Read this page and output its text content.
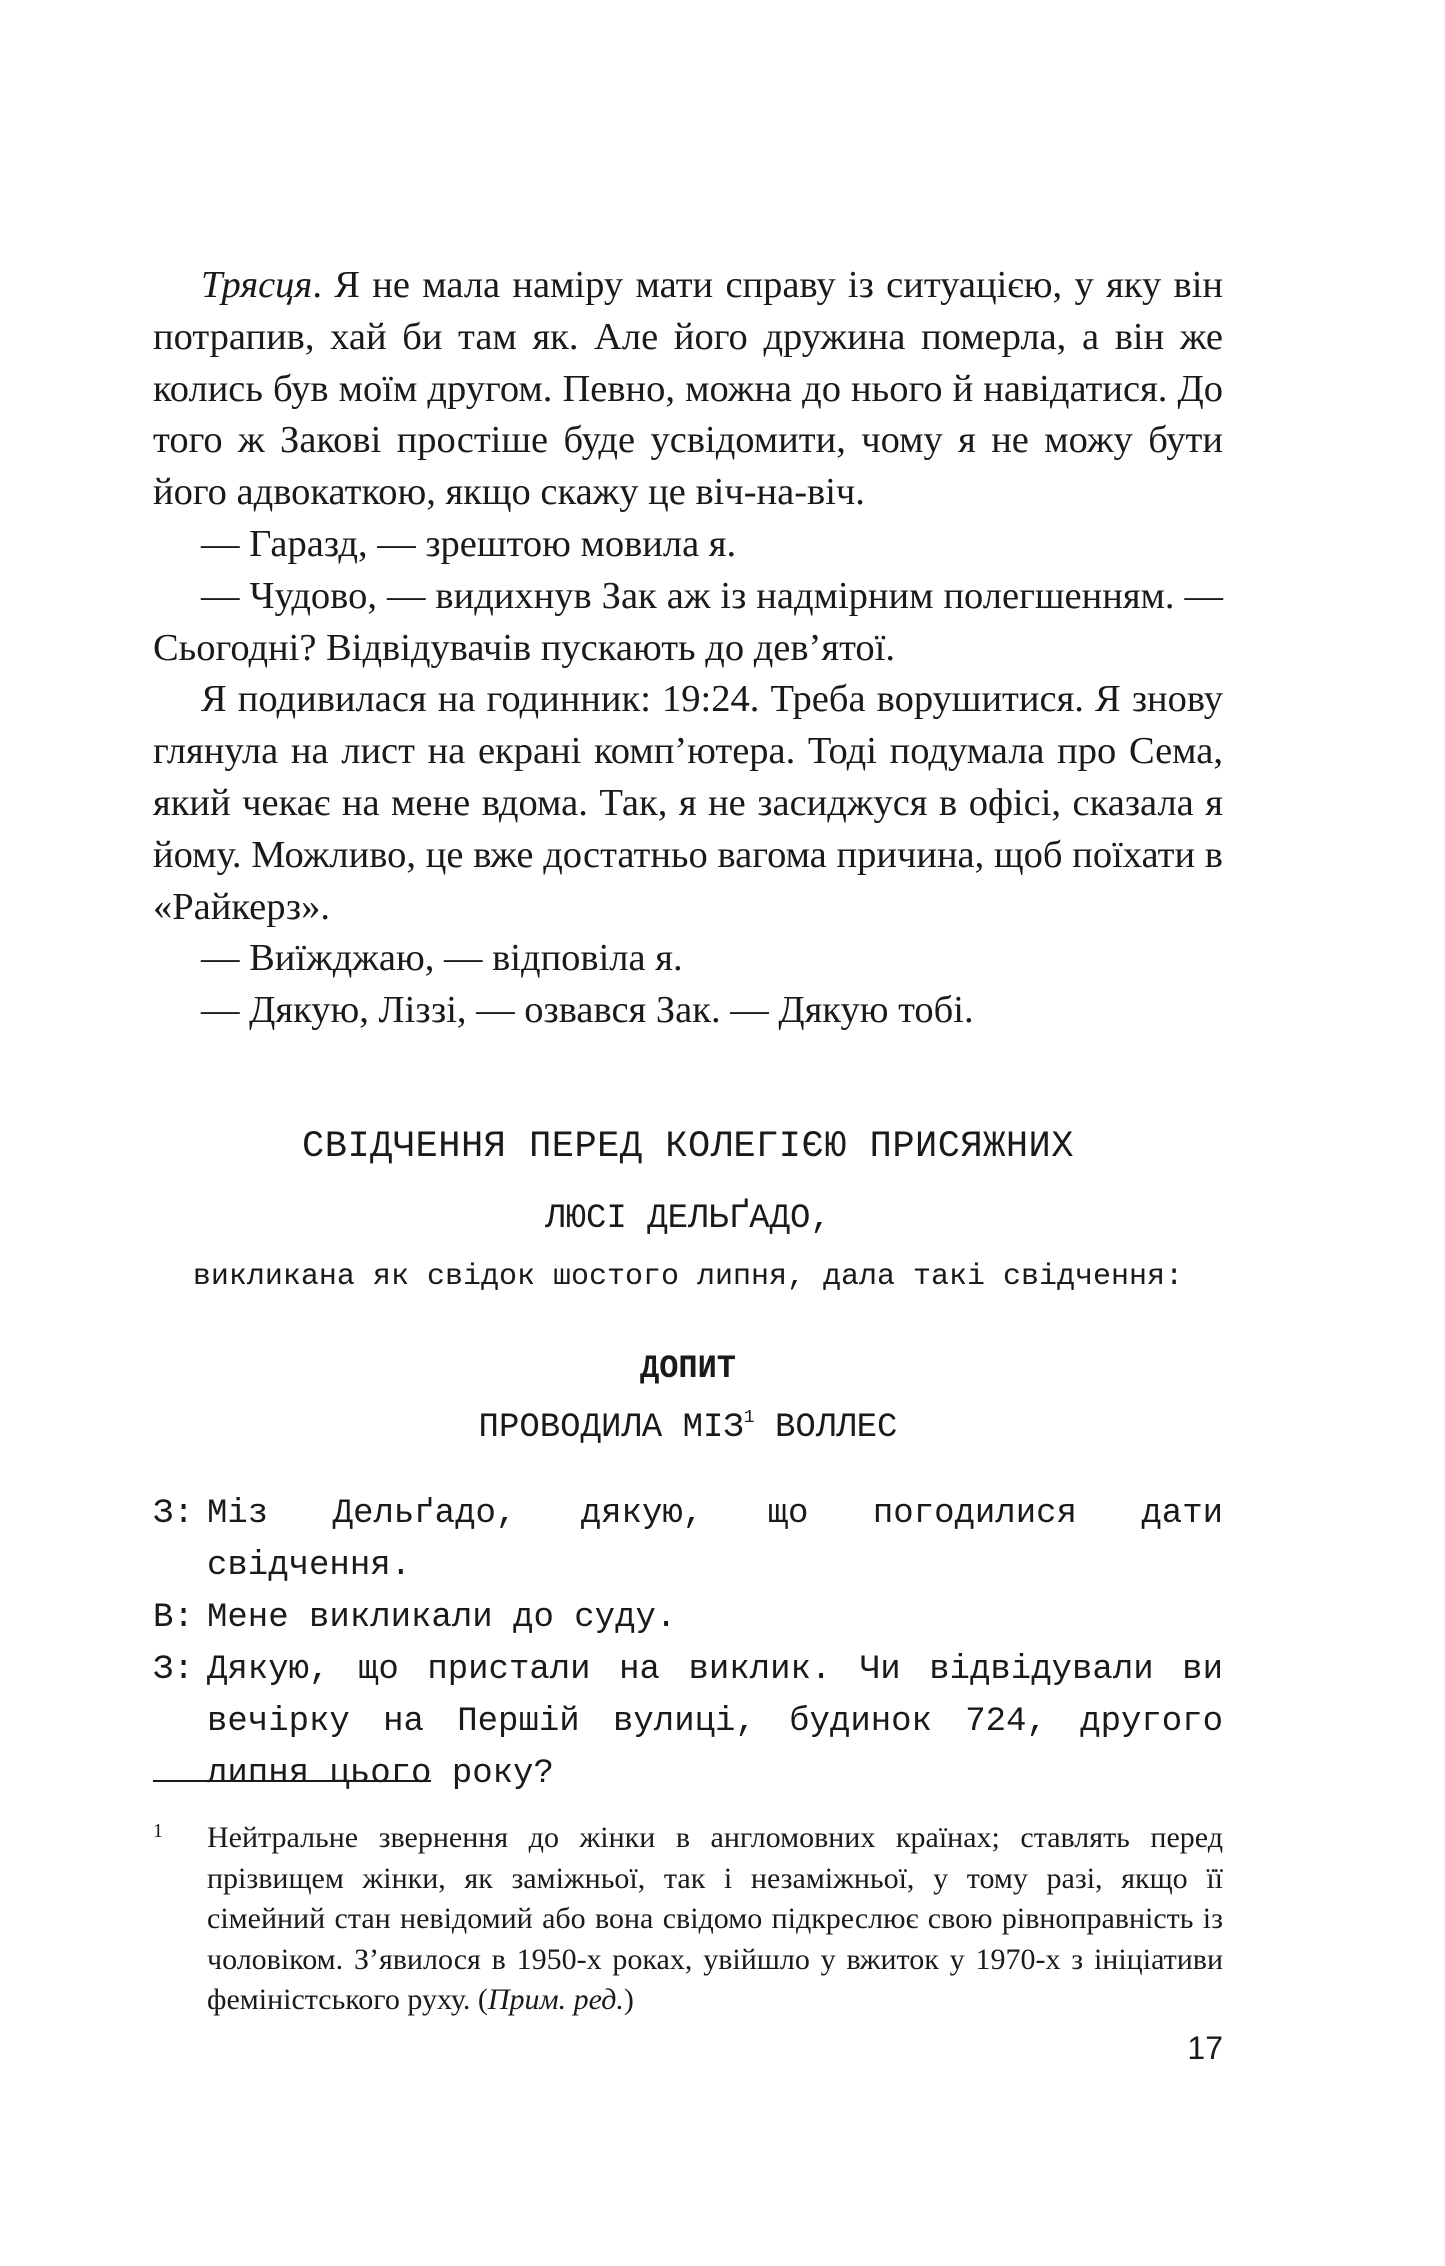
Трясця. Я не мала наміру мати справу із ситуацією, у яку він потрапив, хай би там як. Але його дружина померла, а він же колись був моїм другом. Певно, можна до нього й навідатися. До того ж Закові простіше буде усвідомити, чому я не можу бути його адвокаткою, якщо скажу це віч-на-віч.

— Гаразд, — зрештою мовила я.

— Чудово, — видихнув Зак аж із надмірним полегшенням. — Сьогодні? Відвідувачів пускають до дев’ятої.

Я подивилася на годинник: 19:24. Треба ворушитися. Я знову глянула на лист на екрані комп’ютера. Тоді подумала про Сема, який чекає на мене вдома. Так, я не засиджуся в офісі, сказала я йому. Можливо, це вже достатньо вагома причина, щоб поїхати в «Райкерз».

— Виїжджаю, — відповіла я.

— Дякую, Ліззі, — озвався Зак. — Дякую тобі.

СВІДЧЕННЯ ПЕРЕД КОЛЕГІЄЮ ПРИСЯЖНИХ

ЛЮСІ ДЕЛЬҐАДО,

викликана як свідок шостого липня, дала такі свідчення:

ДОПИТ

ПРОВОДИЛА МІЗ$^1$ ВОЛЛЕС

З: Міз Дельґадо, дякую, що погодилися дати свідчення.
В: Мене викликали до суду.
З: Дякую, що пристали на виклик. Чи відвідували ви вечірку на Першій вулиці, будинок 724, другого липня цього року?
1	Нейтральне звернення до жінки в англомовних країнах; ставлять перед прізвищем жінки, як заміжньої, так і незаміжньої, у тому разі, якщо її сімейний стан невідомий або вона свідомо підкреслює свою рівноправність із чоловіком. З’явилося в 1950-х роках, увійшло у вжиток у 1970-х з ініціативи феміністського руху. (Прим. ред.)

17
